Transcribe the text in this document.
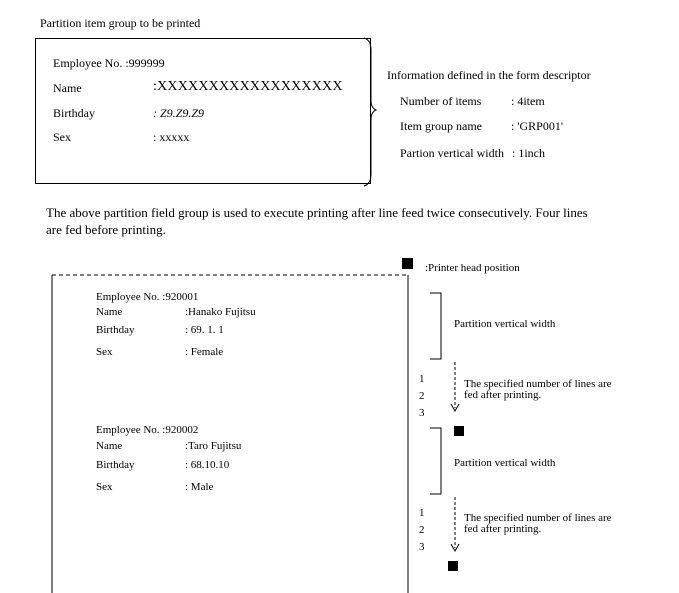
Partition item group to be printed
Employee No. :999999
Name	:XXXXXXXXXXXXXXXXXX
Birthday	: Z9.Z9.Z9
Sex	: xxxxx
Information defined in the form descriptor
Number of items : 4item
Item group name : 'GRP001'
Partion vertical width : 1inch
The above partition field group is used to execute printing after line feed twice consecutively. Four lines
are fed before printing.
:Printer head position
Employee No. :920001
Name	:Hanako Fujitsu
Birthday	: 69. 1. 1
Sex	: Female
Partition vertical width
1
2
3
The specified number of lines are
fed after printing.
Employee No. :920002
Name	:Taro Fujitsu
Birthday	: 68.10.10
Sex	: Male
Partition vertical width
1
2
3
The specified number of lines are
fed after printing.
